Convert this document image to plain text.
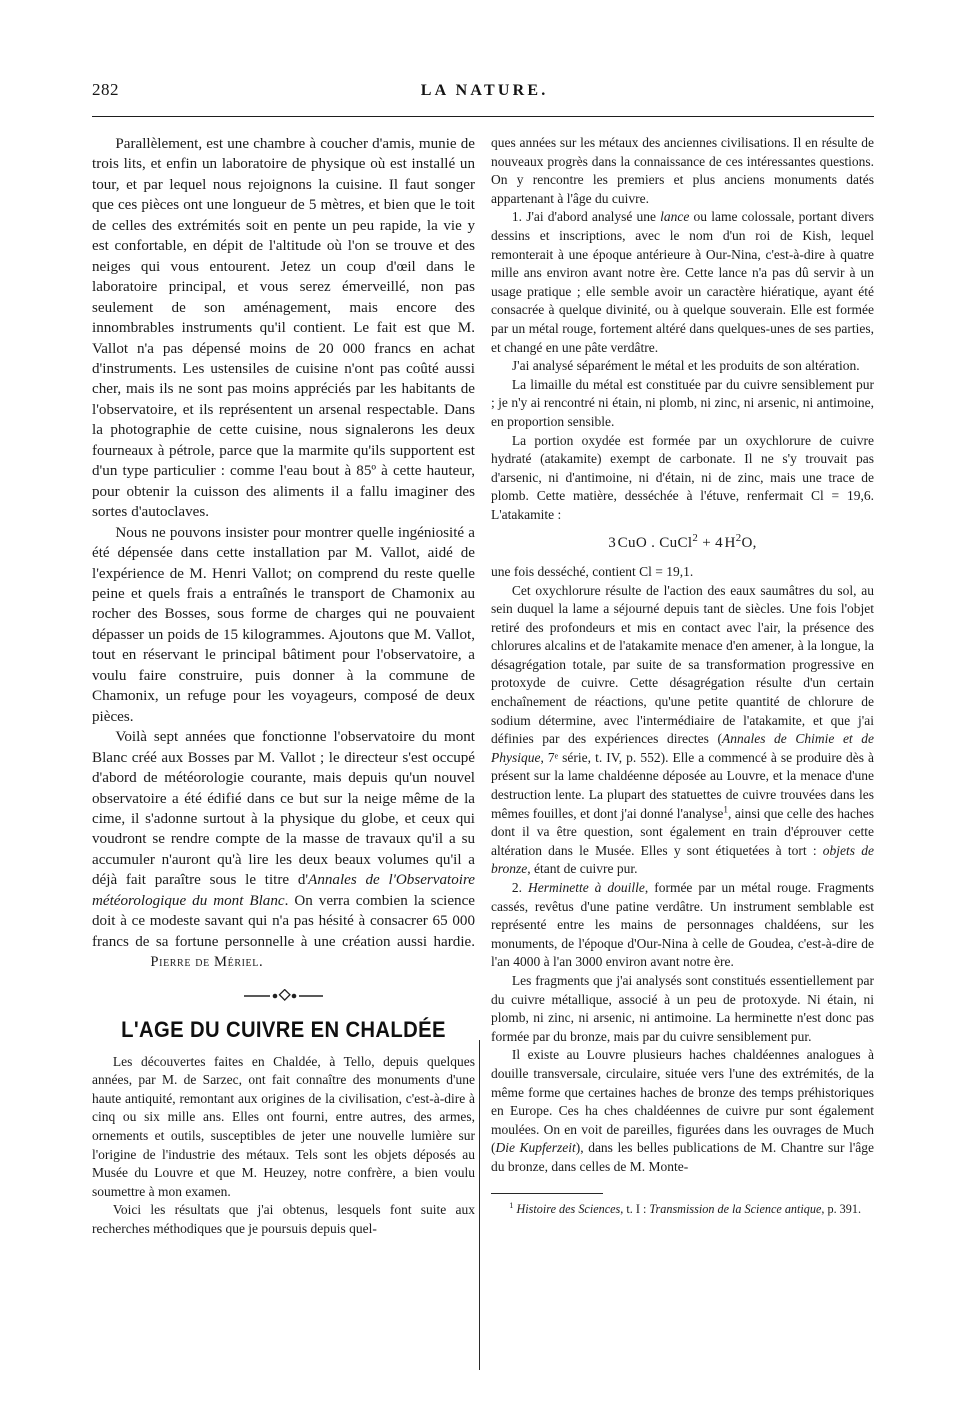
282	LA NATURE.

Parallèlement, est une chambre à coucher d'amis, munie de trois lits, et enfin un laboratoire de physique où est installé un tour, et par lequel nous rejoignons la cuisine. Il faut songer que ces pièces ont une longueur de 5 mètres, et bien que le toit de celles des extrémités soit en pente un peu rapide, la vie y est confortable, en dépit de l'altitude où l'on se trouve et des neiges qui vous entourent. Jetez un coup d'œil dans le laboratoire principal, et vous serez émerveillé, non pas seulement de son aménagement, mais encore des innombrables instruments qu'il contient. Le fait est que M. Vallot n'a pas dépensé moins de 20 000 francs en achat d'instruments. Les ustensiles de cuisine n'ont pas coûté aussi cher, mais ils ne sont pas moins appréciés par les habitants de l'observatoire, et ils représentent un arsenal respectable. Dans la photographie de cette cuisine, nous signalerons les deux fourneaux à pétrole, parce que la marmite qu'ils supportent est d'un type particulier : comme l'eau bout à 85º à cette hauteur, pour obtenir la cuisson des aliments il a fallu imaginer des sortes d'autoclaves.

Nous ne pouvons insister pour montrer quelle ingéniosité a été dépensée dans cette installation par M. Vallot, aidé de l'expérience de M. Henri Vallot; on comprend du reste quelle peine et quels frais a entraînés le transport de Chamonix au rocher des Bosses, sous forme de charges qui ne pouvaient dépasser un poids de 15 kilogrammes. Ajoutons que M. Vallot, tout en réservant le principal bâtiment pour l'observatoire, a voulu faire construire, puis donner à la commune de Chamonix, un refuge pour les voyageurs, composé de deux pièces.

Voilà sept années que fonctionne l'observatoire du mont Blanc créé aux Bosses par M. Vallot ; le directeur s'est occupé d'abord de météorologie courante, mais depuis qu'un nouvel observatoire a été édifié dans ce but sur la neige même de la cime, il s'adonne surtout à la physique du globe, et ceux qui voudront se rendre compte de la masse de travaux qu'il a su accumuler n'auront qu'à lire les deux beaux volumes qu'il a déjà fait paraître sous le titre d'Annales de l'Observatoire météorologique du mont Blanc. On verra combien la science doit à ce modeste savant qui n'a pas hésité à consacrer 65 000 francs de sa fortune personnelle à une création aussi hardie.Pierre de Mériel.

L'AGE DU CUIVRE EN CHALDÉE

Les découvertes faites en Chaldée, à Tello, depuis quelques années, par M. de Sarzec, ont fait connaître des monuments d'une haute antiquité, remontant aux origines de la civilisation, c'est-à-dire à cinq ou six mille ans. Elles ont fourni, entre autres, des armes, ornements et outils, susceptibles de jeter une nouvelle lumière sur l'origine de l'industrie des métaux. Tels sont les objets déposés au Musée du Louvre et que M. Heuzey, notre confrère, a bien voulu soumettre à mon examen.

Voici les résultats que j'ai obtenus, lesquels font suite aux recherches méthodiques que je poursuis depuis quel-

ques années sur les métaux des anciennes civilisations. Il en résulte de nouveaux progrès dans la connaissance de ces intéressantes questions. On y rencontre les premiers et plus anciens monuments datés appartenant à l'âge du cuivre.

1. J'ai d'abord analysé une lance ou lame colossale, portant divers dessins et inscriptions, avec le nom d'un roi de Kish, lequel remonterait à une époque antérieure à Our-Nina, c'est-à-dire à quatre mille ans environ avant notre ère. Cette lance n'a pas dû servir à un usage pratique ; elle semble avoir un caractère hiératique, ayant été consacrée à quelque divinité, ou à quelque souverain. Elle est formée par un métal rouge, fortement altéré dans quelques-unes de ses parties, et changé en une pâte verdâtre.

J'ai analysé séparément le métal et les produits de son altération.

La limaille du métal est constituée par du cuivre sensiblement pur ; je n'y ai rencontré ni étain, ni plomb, ni zinc, ni arsenic, ni antimoine, en proportion sensible.

La portion oxydée est formée par un oxychlorure de cuivre hydraté (atakamite) exempt de carbonate. Il ne s'y trouvait pas d'arsenic, ni d'antimoine, ni d'étain, ni de zinc, mais une trace de plomb. Cette matière, desséchée à l'étuve, renfermait Cl = 19,6. L'atakamite :

3  CuO . CuCl$^2$ + 4  $H^2O$,

une fois desséché, contient Cl = 19,1.

Cet oxychlorure résulte de l'action des eaux saumâtres du sol, au sein duquel la lame a séjourné depuis tant de siècles. Une fois l'objet retiré des profondeurs et mis en contact avec l'air, la présence des chlorures alcalins et de l'atakamite menace d'en amener, à la longue, la désagrégation totale, par suite de sa transformation progressive en protoxyde de cuivre. Cette désagrégation résulte d'un certain enchaînement de réactions, qu'une petite quantité de chlorure de sodium détermine, avec l'intermédiaire de l'atakamite, et que j'ai définies par des expériences directes (Annales de Chimie et de Physique, 7ᵉ série, t. IV, p. 552). Elle a commencé à se produire dès à présent sur la lame chaldéenne déposée au Louvre, et la menace d'une destruction lente. La plupart des statuettes de cuivre trouvées dans les mêmes fouilles, et dont j'ai donné l'analyse$^1$, ainsi que celle des haches dont il va être question, sont également en train d'éprouver cette altération dans le Musée. Elles y sont étiquetées à tort : objets de bronze, étant de cuivre pur.

2. Herminette à douille, formée par un métal rouge. Fragments cassés, revêtus d'une patine verdâtre. Un instrument semblable est représenté entre les mains de personnages chaldéens, sur les monuments, de l'époque d'Our-Nina à celle de Goudea, c'est-à-dire de l'an 4000 à l'an 3000 environ avant notre ère.

Les fragments que j'ai analysés sont constitués essentiellement par du cuivre métallique, associé à un peu de protoxyde. Ni étain, ni plomb, ni zinc, ni arsenic, ni antimoine. La herminette n'est donc pas formée par du bronze, mais par du cuivre sensiblement pur.

Il existe au Louvre plusieurs haches chaldéennes analogues à douille transversale, circulaire, située vers l'une des extrémités, de la même forme que certaines haches de bronze des temps préhistoriques en Europe. Ces ha ches chaldéennes de cuivre pur sont également moulées. On en voit de pareilles, figurées dans les ouvrages de Much (Die Kupferzeit), dans les belles publications de M. Chantre sur l'âge du bronze, dans celles de M. Monte-

$^1$ Histoire des Sciences, t. I : Transmission de la Science antique, p. 391.
